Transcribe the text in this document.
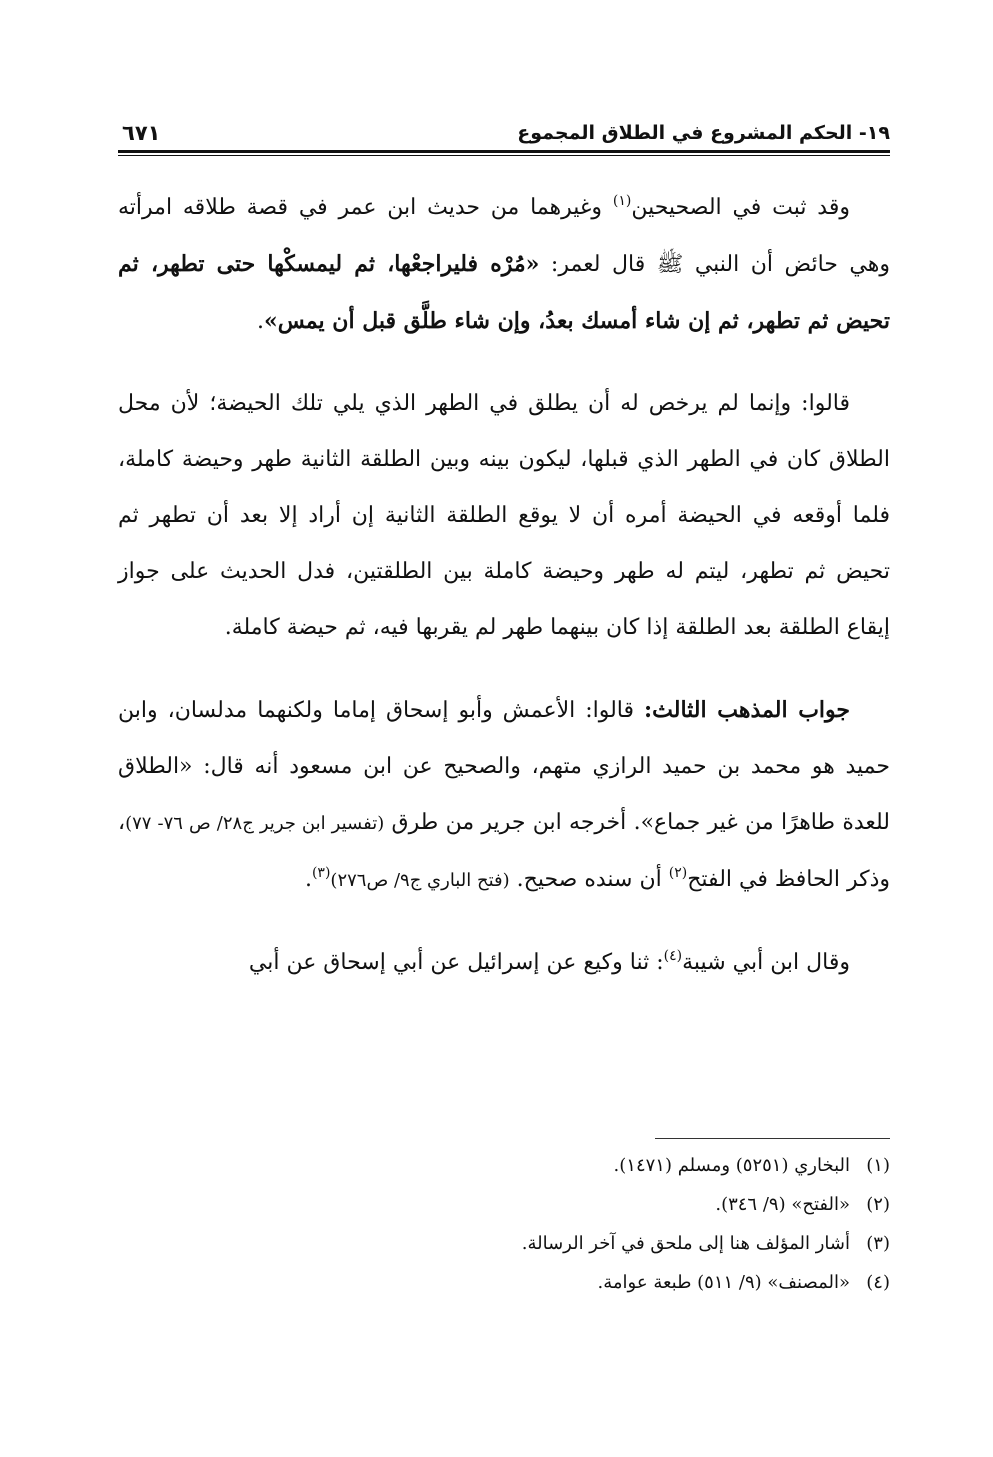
١٩- الحكم المشروع في الطلاق المجموع
٦٧١

وقد ثبت في الصحيحين$^{(١)}$ وغيرهما من حديث ابن عمر في قصة طلاقه امرأته وهي حائض أن النبي ﷺ قال لعمر: «مُرْه فليراجعْها، ثم ليمسكْها حتى تطهر، ثم تحيض ثم تطهر، ثم إن شاء أمسك بعدُ، وإن شاء طلَّق قبل أن يمس».

قالوا: وإنما لم يرخص له أن يطلق في الطهر الذي يلي تلك الحيضة؛ لأن محل الطلاق كان في الطهر الذي قبلها، ليكون بينه وبين الطلقة الثانية طهر وحيضة كاملة، فلما أوقعه في الحيضة أمره أن لا يوقع الطلقة الثانية إن أراد إلا بعد أن تطهر ثم تحيض ثم تطهر، ليتم له طهر وحيضة كاملة بين الطلقتين، فدل الحديث على جواز إيقاع الطلقة بعد الطلقة إذا كان بينهما طهر لم يقربها فيه، ثم حيضة كاملة.

جواب المذهب الثالث: قالوا: الأعمش وأبو إسحاق إماما ولكنهما مدلسان، وابن حميد هو محمد بن حميد الرازي متهم، والصحيح عن ابن مسعود أنه قال: «الطلاق للعدة طاهرًا من غير جماع». أخرجه ابن جرير من طرق (تفسير ابن جرير ج٢٨/ ص ٧٦- ٧٧)، وذكر الحافظ في الفتح$^{(٢)}$ أن سنده صحيح. (فتح الباري ج٩/ ص٢٧٦)$^{(٣)}$.

وقال ابن أبي شيبة$^{(٤)}$: ثنا وكيع عن إسرائيل عن أبي إسحاق عن أبي

(١)البخاري (٥٢٥١) ومسلم (١٤٧١).
(٢)«الفتح» (٩/ ٣٤٦).
(٣)أشار المؤلف هنا إلى ملحق في آخر الرسالة.
(٤)«المصنف» (٩/ ٥١١) طبعة عوامة.
